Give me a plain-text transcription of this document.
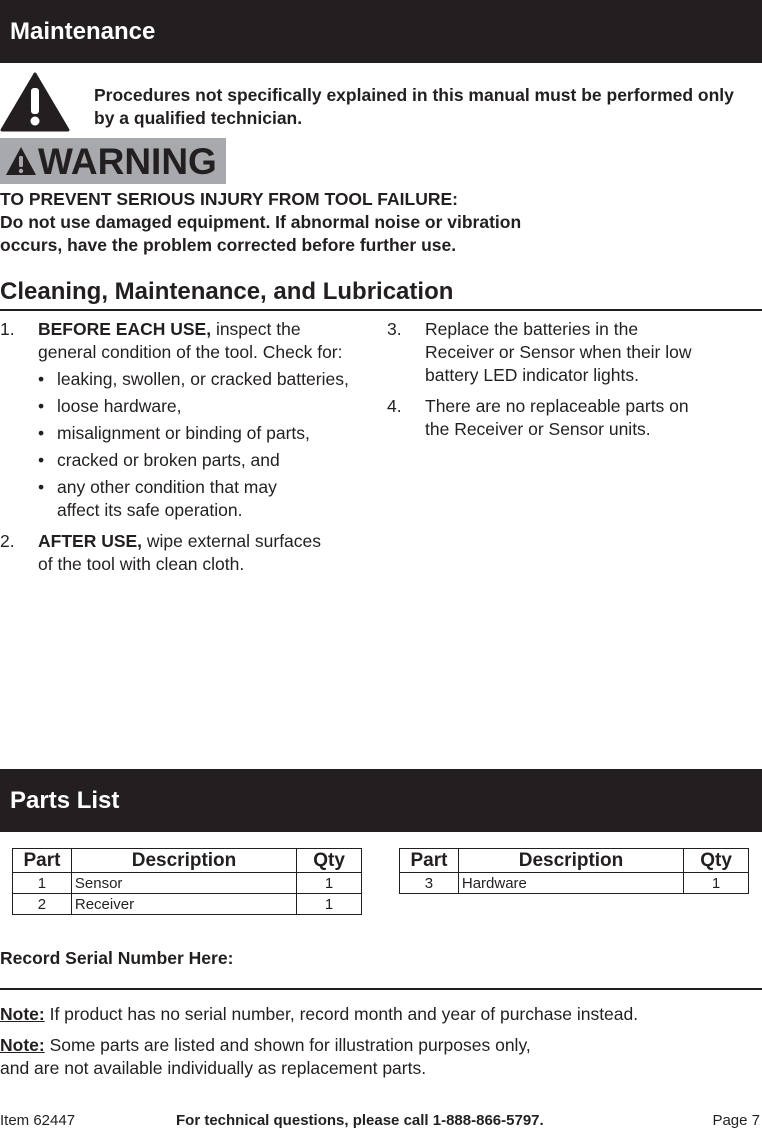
Maintenance
Procedures not specifically explained in this manual must be performed only by a qualified technician.
WARNING
TO PREVENT SERIOUS INJURY FROM TOOL FAILURE:
Do not use damaged equipment. If abnormal noise or vibration
occurs, have the problem corrected before further use.
Cleaning, Maintenance, and Lubrication
1. BEFORE EACH USE, inspect the
general condition of the tool. Check for:
• leaking, swollen, or cracked batteries,
• loose hardware,
• misalignment or binding of parts,
• cracked or broken parts, and
• any other condition that may
affect its safe operation.
2. AFTER USE, wipe external surfaces
of the tool with clean cloth.
3. Replace the batteries in the
Receiver or Sensor when their low
battery LED indicator lights.
4. There are no replaceable parts on
the Receiver or Sensor units.
Parts List
Part	Description	Qty
1	Sensor	1
2	Receiver	1
Part	Description	Qty
3	Hardware	1
Record Serial Number Here:
Note: If product has no serial number, record month and year of purchase instead.
Note: Some parts are listed and shown for illustration purposes only,
and are not available individually as replacement parts.
Item 62447	For technical questions, please call 1-888-866-5797.	Page 7
